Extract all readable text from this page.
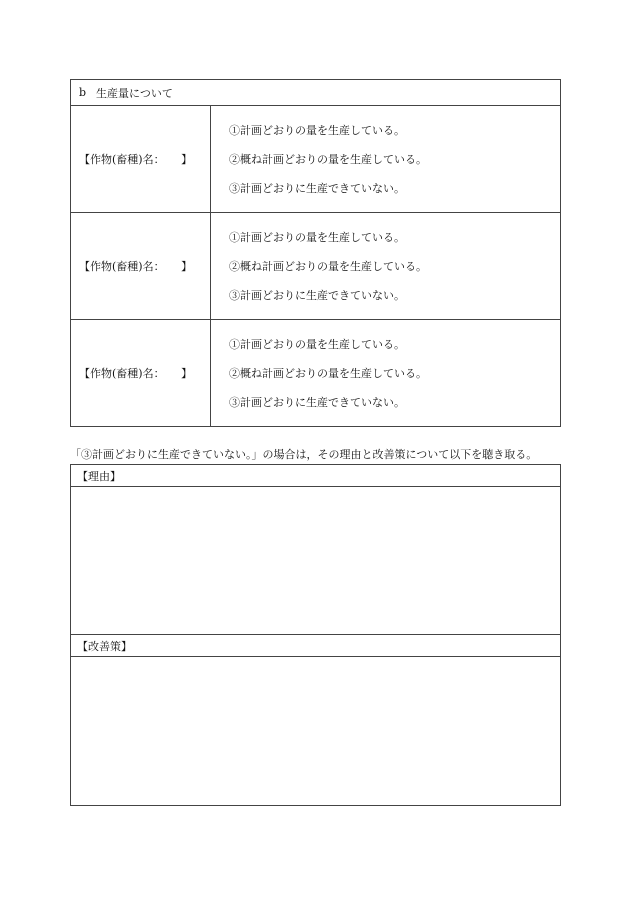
b 生産量について
【作物(畜種)名：　　】
①計画どおりの量を生産している。
②概ね計画どおりの量を生産している。
③計画どおりに生産できていない。
【作物(畜種)名：　　】
①計画どおりの量を生産している。
②概ね計画どおりの量を生産している。
③計画どおりに生産できていない。
【作物(畜種)名：　　】
①計画どおりの量を生産している。
②概ね計画どおりの量を生産している。
③計画どおりに生産できていない。
「③計画どおりに生産できていない。」の場合は，その理由と改善策について以下を聴き取る。
【理由】
【改善策】
